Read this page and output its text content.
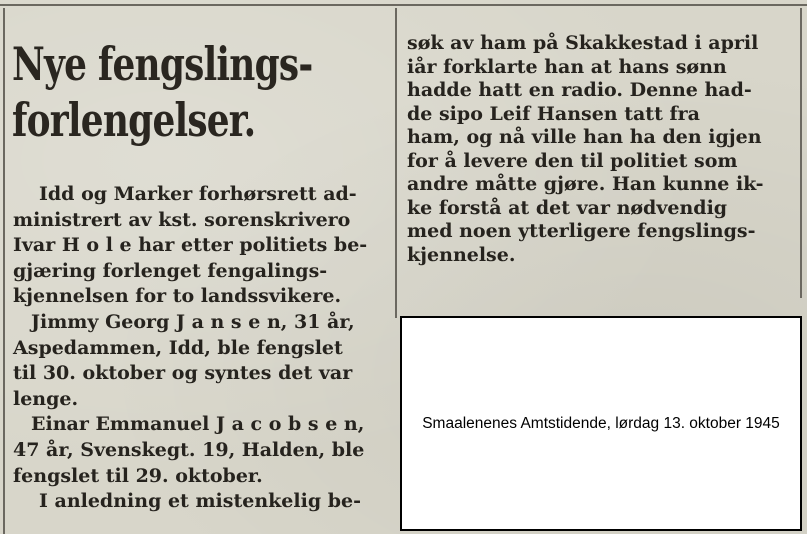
Nye fengslings-
forlengelser.
Idd og Marker forhørsrett ad-
ministrert av kst. sorenskrivero
Ivar H o l e har etter politiets be-
gjæring forlenget fengalings-
kjennelsen for to landssvikere.
Jimmy Georg J a n s e n, 31 år,
Aspedammen, Idd, ble fengslet
til 30. oktober og syntes det var
lenge.
Einar Emmanuel J a c o b s e n,
47 år, Svenskegt. 19, Halden, ble
fengslet til 29. oktober.
I anledning et mistenkelig be-
søk av ham på Skakkestad i april
iår forklarte han at hans sønn
hadde hatt en radio. Denne had-
de sipo Leif Hansen tatt fra
ham, og nå ville han ha den igjen
for å levere den til politiet som
andre måtte gjøre. Han kunne ik-
ke forstå at det var nødvendig
med noen ytterligere fengslings-
kjennelse.
Smaalenenes Amtstidende, lørdag 13. oktober 1945
